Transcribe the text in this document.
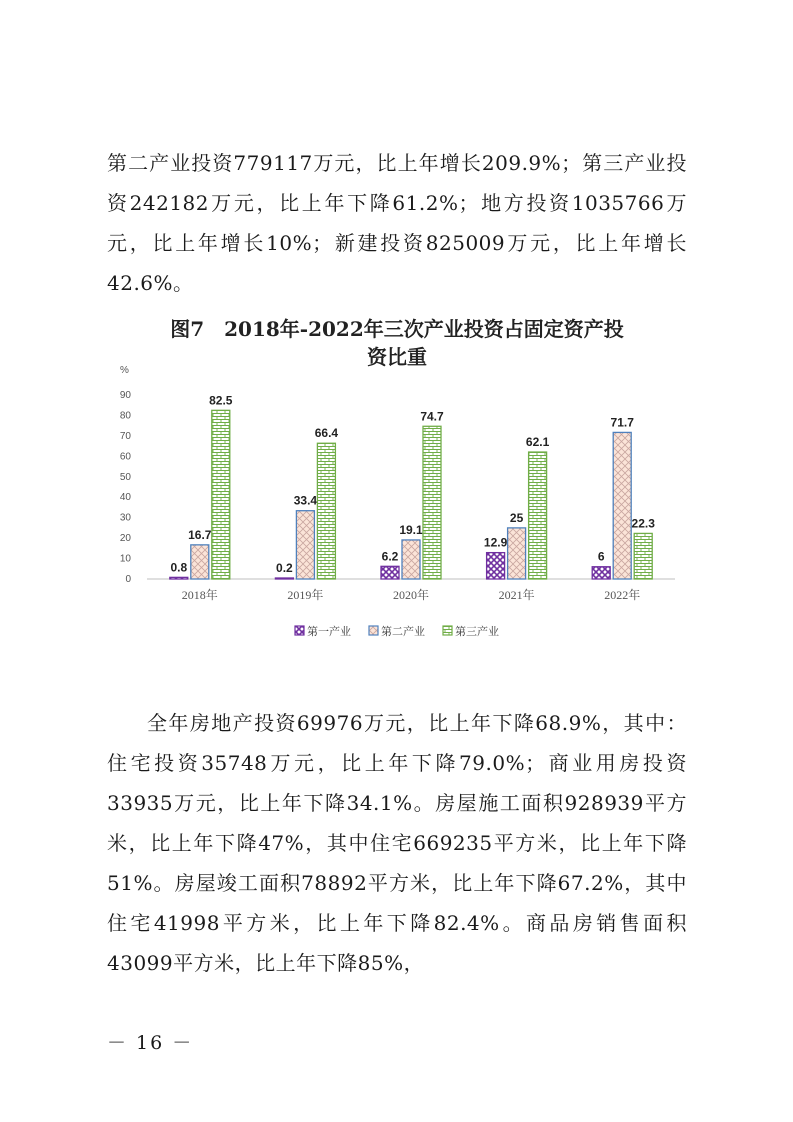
第二产业投资779117万元，比上年增长209.9%；第三产业投资242182万元，比上年下降61.2%；地方投资1035766万元，比上年增长10%；新建投资825009万元，比上年增长42.6%。
图7　2018年-2022年三次产业投资占固定资产投
资比重
%
0
10
20
30
40
50
60
70
80
90
0.8
16.7
82.5
0.2
33.4
66.4
6.2
19.1
74.7
12.9
25
62.1
6
71.7
22.3
2018年	2019年	2020年	2021年	2022年
第一产业	第二产业	第三产业
全年房地产投资69976万元，比上年下降68.9%，其中：住宅投资35748万元，比上年下降79.0%；商业用房投资33935万元，比上年下降34.1%。房屋施工面积928939平方米，比上年下降47%，其中住宅669235平方米，比上年下降51%。房屋竣工面积78892平方米，比上年下降67.2%，其中住宅41998平方米，比上年下降82.4%。商品房销售面积43099平方米，比上年下降85%，
－ 16 －
